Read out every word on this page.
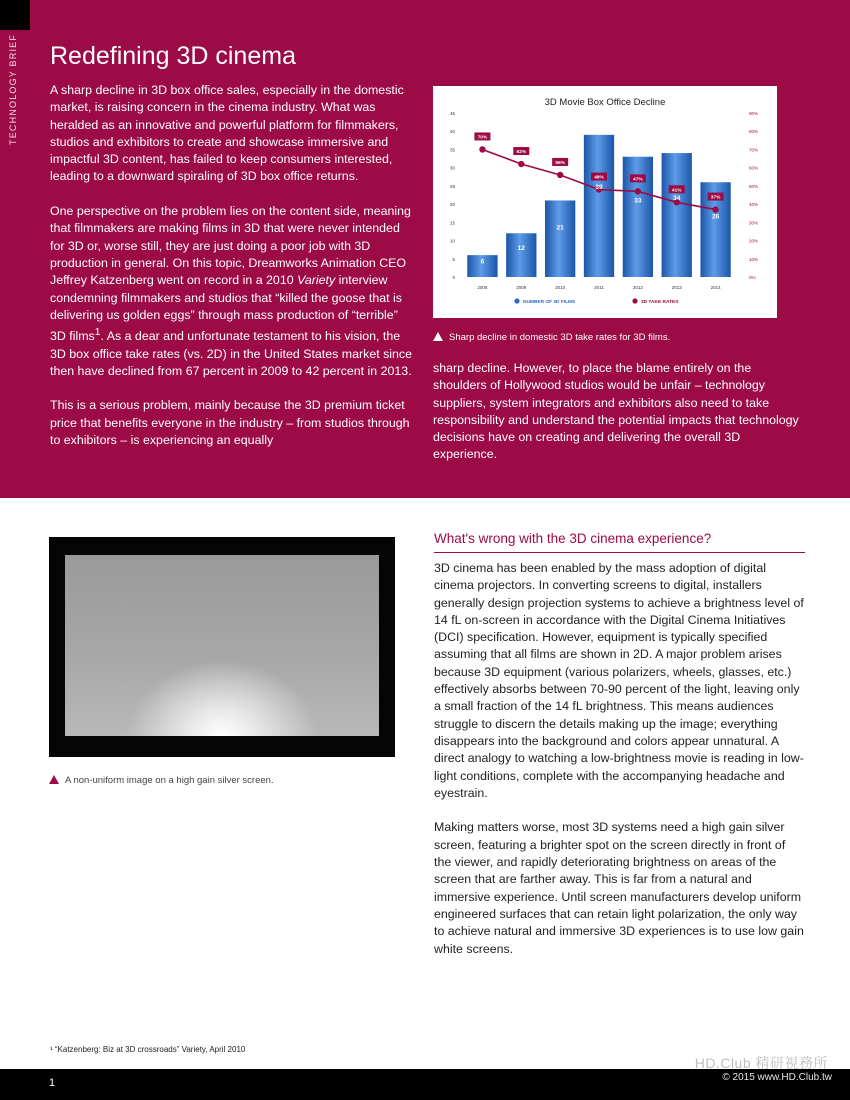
TECHNOLOGY BRIEF Redefining 3D cinema

A sharp decline in 3D box office sales, especially in the domestic market, is raising concern in the cinema industry. What was heralded as an innovative and powerful platform for filmmakers, studios and exhibitors to create and showcase immersive and impactful 3D content, has failed to keep consumers interested, leading to a downward spiraling of 3D box office returns.

One perspective on the problem lies on the content side, meaning that filmmakers are making films in 3D that were never intended for 3D or, worse still, they are just doing a poor job with 3D production in general. On this topic, Dreamworks Animation CEO Jeffrey Katzenberg went on record in a 2010 Variety interview condemning filmmakers and studios that “killed the goose that is delivering us golden eggs” through mass production of “terrible” 3D films$^1$. As a dear and unfortunate testament to his vision, the 3D box office take rates (vs. 2D) in the United States market since then have declined from 67 percent in 2009 to 42 percent in 2013.

This is a serious problem, mainly because the 3D premium ticket price that benefits everyone in the industry – from studios through to exhibitors – is experiencing an equally

3D Movie Box Office Decline
70%
62%
56%
48%	47%
41%
37%
0
5
10
15
20
25
30
35
40
45
0%
10%
20%
30%
40%
50%
60%
70%
80%
90%
6
2008
12
2009
21
2010
39
2011
33
2012
34
2013
26
2014
NUMBER OF 3D FILMS	3D TAKE RATES
Sharp decline in domestic 3D take rates for 3D films.

sharp decline. However, to place the blame entirely on the shoulders of Hollywood studios would be unfair – technology suppliers, system integrators and exhibitors also need to take responsibility and understand the potential impacts that technology decisions have on creating and delivering the overall 3D experience.

A non-uniform image on a high gain silver screen.
What's wrong with the 3D cinema experience?

3D cinema has been enabled by the mass adoption of digital cinema projectors. In converting screens to digital, installers generally design projection systems to achieve a brightness level of 14 fL on-screen in accordance with the Digital Cinema Initiatives (DCI) specification. However, equipment is typically specified assuming that all films are shown in 2D. A major problem arises because 3D equipment (various polarizers, wheels, glasses, etc.) effectively absorbs between 70-90 percent of the light, leaving only a small fraction of the 14 fL brightness. This means audiences struggle to discern the details making up the image; everything disappears into the background and colors appear unnatural. A direct analogy to watching a low-brightness movie is reading in low-light conditions, complete with the accompanying headache and eyestrain.

Making matters worse, most 3D systems need a high gain silver screen, featuring a brighter spot on the screen directly in front of the viewer, and rapidly deteriorating brightness on areas of the screen that are farther away. This is far from a natural and immersive experience. Until screen manufacturers develop uniform engineered surfaces that can retain light polarization, the only way to achieve natural and immersive 3D experiences is to use low gain white screens.

¹ “Katzenberg: Biz at 3D crossroads” Variety, April 2010
1
HD.Club 精研視務所
© 2015 www.HD.Club.tw
